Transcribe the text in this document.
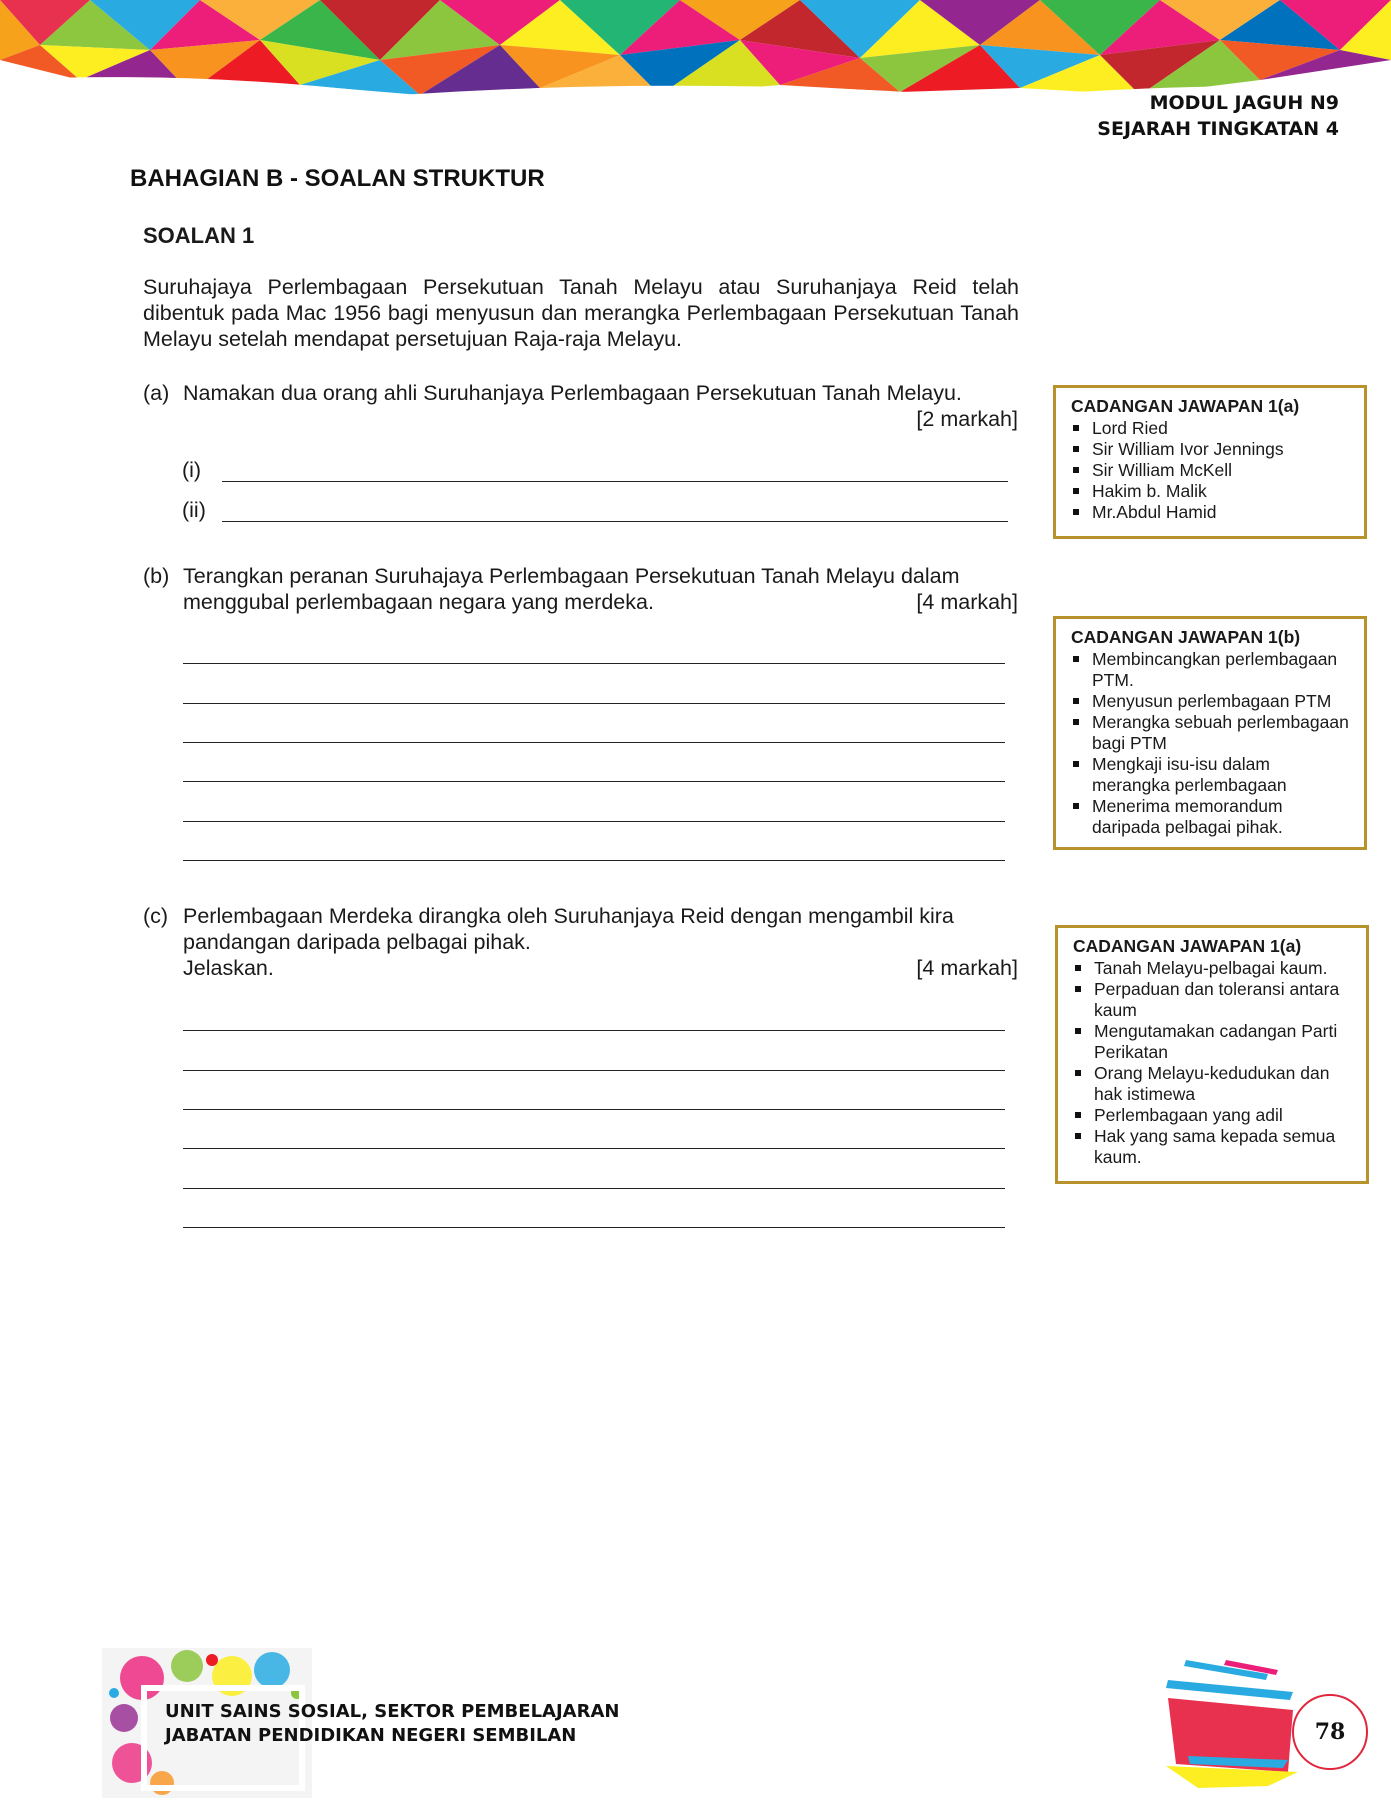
MODUL JAGUH N9
SEJARAH TINGKATAN 4
BAHAGIAN B - SOALAN STRUKTUR
SOALAN 1
Suruhajaya Perlembagaan Persekutuan Tanah Melayu atau Suruhanjaya Reid telah dibentuk pada Mac 1956 bagi menyusun dan merangka Perlembagaan Persekutuan Tanah Melayu setelah mendapat persetujuan Raja-raja Melayu.
(a) Namakan dua orang ahli Suruhanjaya Perlembagaan Persekutuan Tanah Melayu.
[2 markah]
(i)
(ii)
(b) Terangkan peranan Suruhajaya Perlembagaan Persekutuan Tanah Melayu dalam
menggubal perlembagaan negara yang merdeka.	[4 markah]
(c) Perlembagaan Merdeka dirangka oleh Suruhanjaya Reid dengan mengambil kira
pandangan daripada pelbagai pihak.
Jelaskan.	[4 markah]
CADANGAN JAWAPAN 1(a)
Lord Ried
Sir William Ivor Jennings
Sir William McKell
Hakim b. Malik
Mr.Abdul Hamid
CADANGAN JAWAPAN 1(b)
Membincangkan perlembagaan PTM.
Menyusun perlembagaan PTM
Merangka sebuah perlembagaan bagi PTM
Mengkaji isu-isu dalam merangka perlembagaan
Menerima memorandum daripada pelbagai pihak.
CADANGAN JAWAPAN 1(a)
Tanah Melayu-pelbagai kaum.
Perpaduan dan toleransi antara kaum
Mengutamakan cadangan Parti Perikatan
Orang Melayu-kedudukan dan hak istimewa
Perlembagaan yang adil
Hak yang sama kepada semua kaum.
UNIT SAINS SOSIAL, SEKTOR PEMBELAJARAN
JABATAN PENDIDIKAN NEGERI SEMBILAN	78
